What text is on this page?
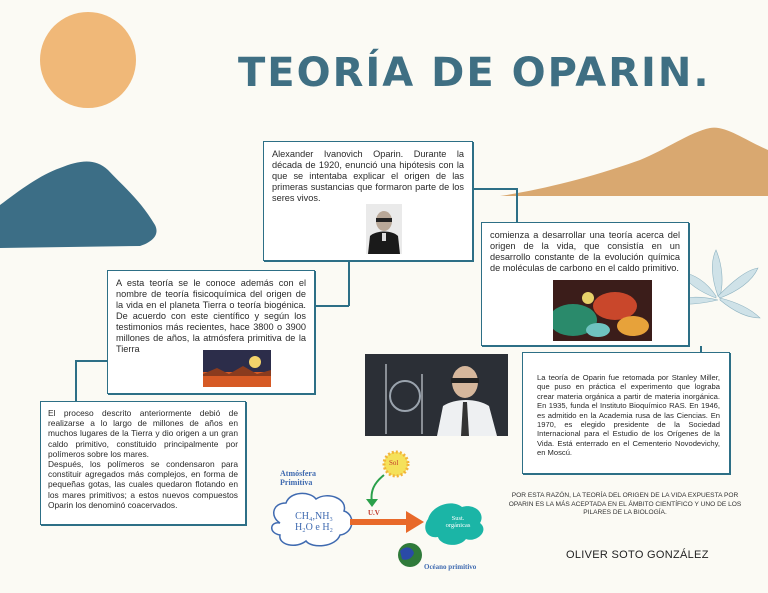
TEORÍA DE OPARIN.

Alexander Ivanovich Oparin. Durante la década de 1920, enunció una hipótesis con la que se intentaba explicar el origen de las primeras sustancias que formaron parte de los seres vivos.

comienza a desarrollar una teoría acerca del origen de la vida, que consistía en un desarrollo constante de la evolución química de moléculas de carbono en el caldo primitivo.

A esta teoría se le conoce además con el nombre de teoría fisicoquímica del origen de la vida en el planeta Tierra o teoría biogénica. De acuerdo con este científico y según los testimonios más recientes, hace 3800 o 3900 millones de años, la atmósfera primitiva de la Tierra

El proceso descrito anteriormente debió de realizarse a lo largo de millones de años en muchos lugares de la Tierra y dio origen a un gran caldo primitivo, constituido principalmente por polímeros sobre los mares.
Después, los polímeros se condensaron para constituir agregados más complejos, en forma de pequeñas gotas, las cuales quedaron flotando en los mares primitivos; a estos nuevos compuestos Oparin los denominó coacervados.

La teoría de Oparin fue retomada por Stanley Miller, que puso en práctica el experimento que lograba crear materia orgánica a partir de materia inorgánica. En 1935, funda el Instituto Bioquímico RAS. En 1946, es admitido en la Academia rusa de las Ciencias. En 1970, es elegido presidente de la Sociedad Internacional para el Estudio de los Orígenes de la Vida. Está enterrado en el Cementerio Novodevichy, en Moscú.

Atmósfera
Primitiva
CH₄,NH₃
H₂O e H₂
Sol
U.V
Sust.
orgánicas
Océano primitivo
POR ESTA RAZÓN, LA TEORÍA DEL ORIGEN DE LA VIDA EXPUESTA POR OPARIN ES LA MÁS ACEPTADA EN EL ÁMBITO CIENTÍFICO Y UNO DE LOS PILARES DE LA BIOLOGÍA.
OLIVER SOTO GONZÁLEZ
